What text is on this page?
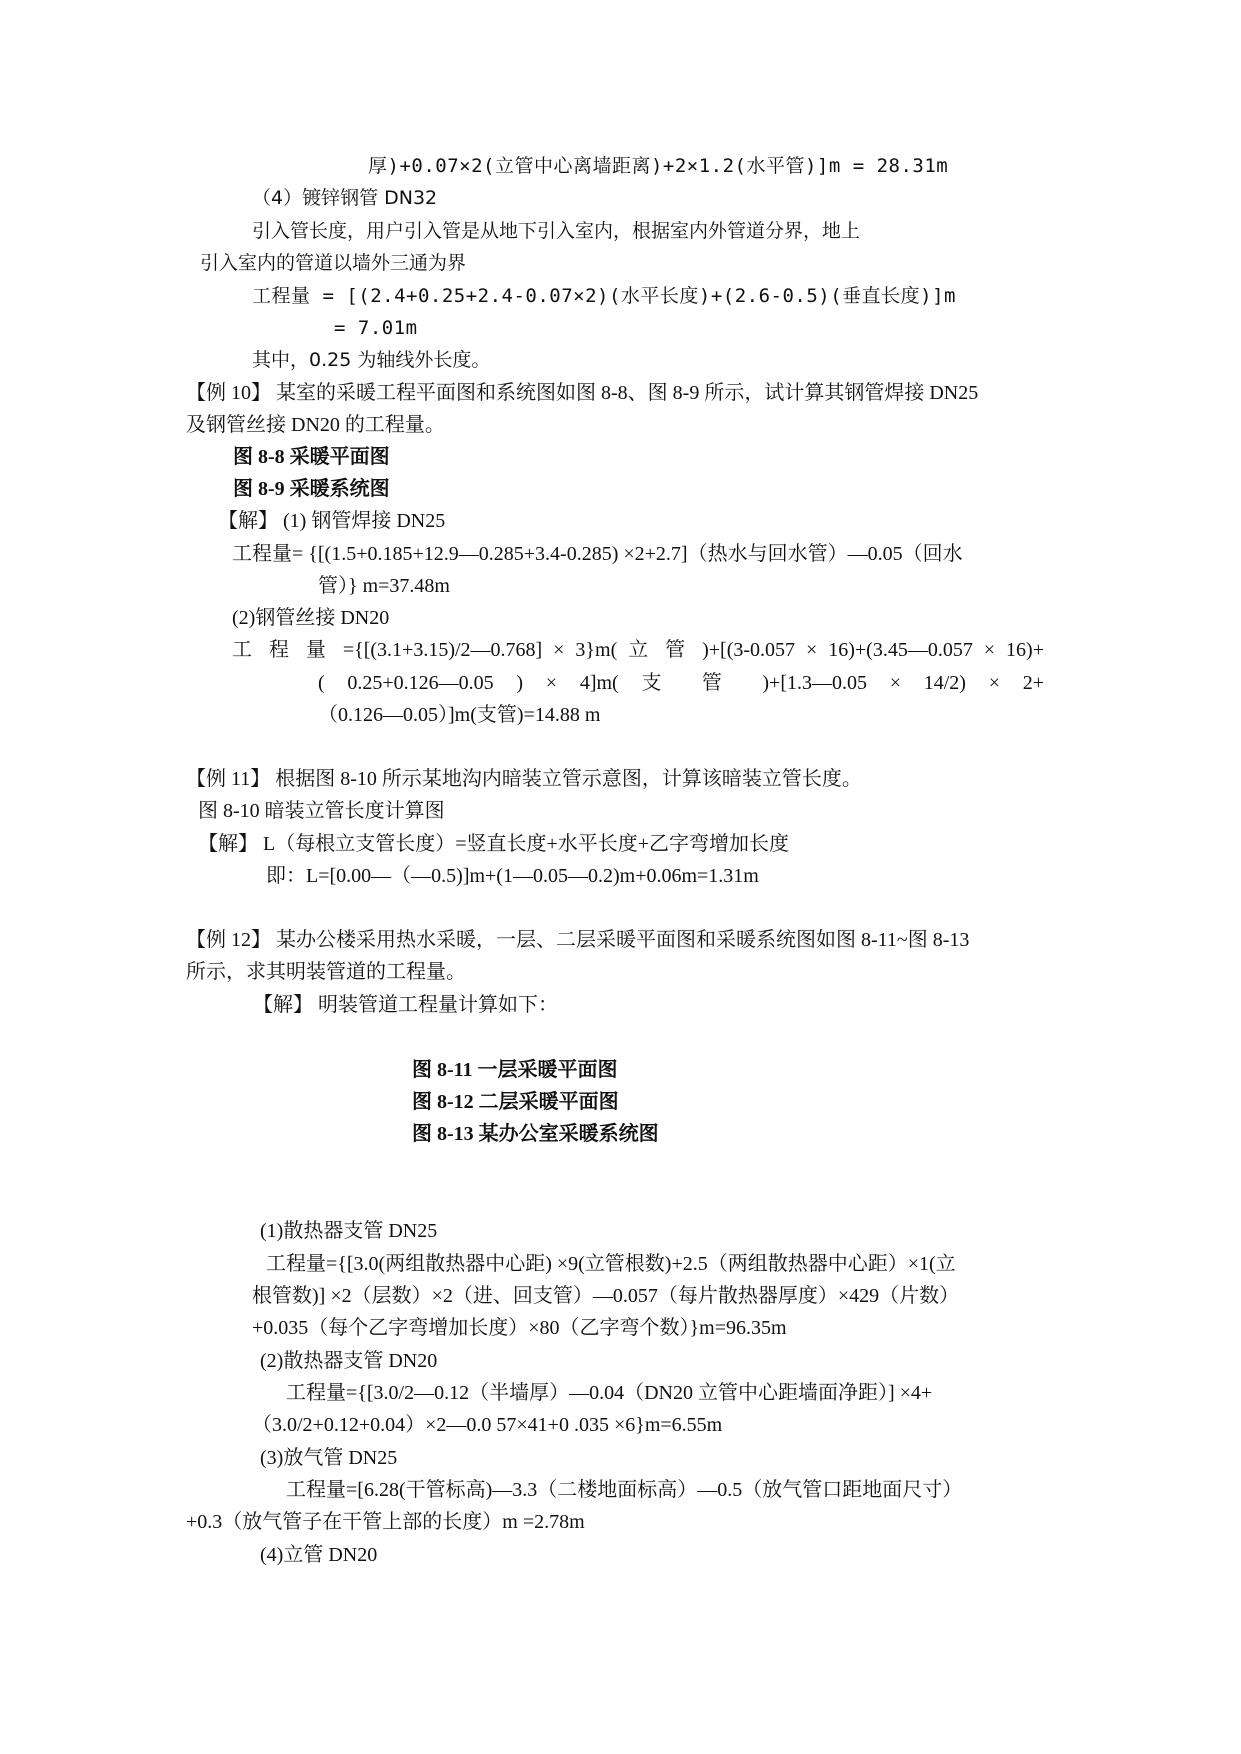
厚)+0.07×2(立管中心离墙距离)+2×1.2(水平管)]m = 28.31m
（4）镀锌钢管 DN32
引入管长度，用户引入管是从地下引入室内，根据室内外管道分界，地上
引入室内的管道以墙外三通为界
工程量 = [(2.4+0.25+2.4-0.07×2)(水平长度)+(2.6-0.5)(垂直长度)]m
= 7.01m
其中，0.25 为轴线外长度。
【例 10】 某室的采暖工程平面图和系统图如图 8-8、图 8-9 所示，试计算其钢管焊接 DN25
及钢管丝接 DN20 的工程量。
图 8-8 采暖平面图
图 8-9 采暖系统图
【解】 (1) 钢管焊接 DN25
工程量= {[(1.5+0.185+12.9—0.285+3.4-0.285) ×2+2.7]（热水与回水管）—0.05（回水
管）} m=37.48m
(2)钢管丝接 DN20
工 程 量 ={[(3.1+3.15)/2—0.768] × 3}m( 立 管 )+[(3-0.057 × 16)+(3.45—0.057 × 16)+
( 0.25+0.126—0.05 ) × 4]m( 支 管 )+[1.3—0.05 × 14/2) × 2+
（0.126—0.05）]m(支管)=14.88 m
【例 11】 根据图 8-10 所示某地沟内暗装立管示意图，计算该暗装立管长度。
图 8-10 暗装立管长度计算图
【解】 L（每根立支管长度）=竖直长度+水平长度+乙字弯增加长度
即：L=[0.00—（—0.5)]m+(1—0.05—0.2)m+0.06m=1.31m
【例 12】 某办公楼采用热水采暖，一层、二层采暖平面图和采暖系统图如图 8-11~图 8-13
所示，求其明装管道的工程量。
【解】 明装管道工程量计算如下：
图 8-11 一层采暖平面图
图 8-12 二层采暖平面图
图 8-13 某办公室采暖系统图
(1)散热器支管 DN25
工程量={[3.0(两组散热器中心距) ×9(立管根数)+2.5（两组散热器中心距）×1(立
根管数)] ×2（层数）×2（进、回支管）—0.057（每片散热器厚度）×429（片数）
+0.035（每个乙字弯增加长度）×80（乙字弯个数）}m=96.35m
(2)散热器支管 DN20
工程量={[3.0/2—0.12（半墙厚）—0.04（DN20 立管中心距墙面净距）] ×4+
（3.0/2+0.12+0.04）×2—0.0 57×41+0 .035 ×6}m=6.55m
(3)放气管 DN25
工程量=[6.28(干管标高)—3.3（二楼地面标高）—0.5（放气管口距地面尺寸）
+0.3（放气管子在干管上部的长度）m =2.78m
(4)立管 DN20
